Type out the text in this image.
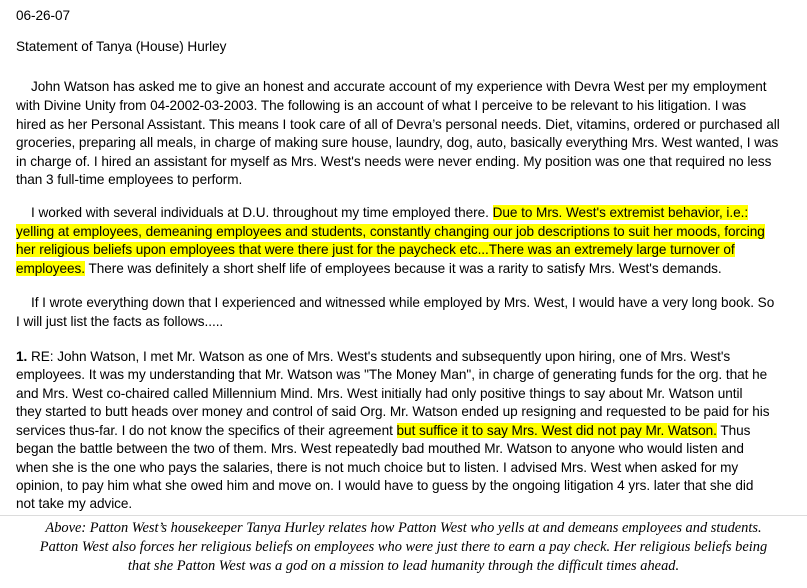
06-26-07
Statement of Tanya (House) Hurley
John Watson has asked me to give an honest and accurate account of my experience with Devra West per my employment
with Divine Unity from 04-2002-03-2003. The following is an account of what I perceive to be relevant to his litigation. I was
hired as her Personal Assistant. This means I took care of all of Devra’s personal needs. Diet, vitamins, ordered or purchased all
groceries, preparing all meals, in charge of making sure house, laundry, dog, auto, basically everything Mrs. West wanted, I was
in charge of. I hired an assistant for myself as Mrs. West's needs were never ending. My position was one that required no less
than 3 full-time employees to perform.
I worked with several individuals at D.U. throughout my time employed there. Due to Mrs. West's extremist behavior, i.e.:
yelling at employees, demeaning employees and students, constantly changing our job descriptions to suit her moods, forcing
her religious beliefs upon employees that were there just for the paycheck etc...There was an extremely large turnover of
employees. There was definitely a short shelf life of employees because it was a rarity to satisfy Mrs. West's demands.
If I wrote everything down that I experienced and witnessed while employed by Mrs. West, I would have a very long book. So
I will just list the facts as follows.....
1. RE: John Watson, I met Mr. Watson as one of Mrs. West's students and subsequently upon hiring, one of Mrs. West's
employees. It was my understanding that Mr. Watson was "The Money Man", in charge of generating funds for the org. that he
and Mrs. West co-chaired called Millennium Mind. Mrs. West initially had only positive things to say about Mr. Watson until
they started to butt heads over money and control of said Org. Mr. Watson ended up resigning and requested to be paid for his
services thus-far. I do not know the specifics of their agreement but suffice it to say Mrs. West did not pay Mr. Watson. Thus
began the battle between the two of them. Mrs. West repeatedly bad mouthed Mr. Watson to anyone who would listen and
when she is the one who pays the salaries, there is not much choice but to listen. I advised Mrs. West when asked for my
opinion, to pay him what she owed him and move on. I would have to guess by the ongoing litigation 4 yrs. later that she did
not take my advice.
Above: Patton West’s housekeeper Tanya Hurley relates how Patton West who yells at and demeans employees and students.
Patton West also forces her religious beliefs on employees who were just there to earn a pay check. Her religious beliefs being
that she Patton West was a god on a mission to lead humanity through the difficult times ahead.
